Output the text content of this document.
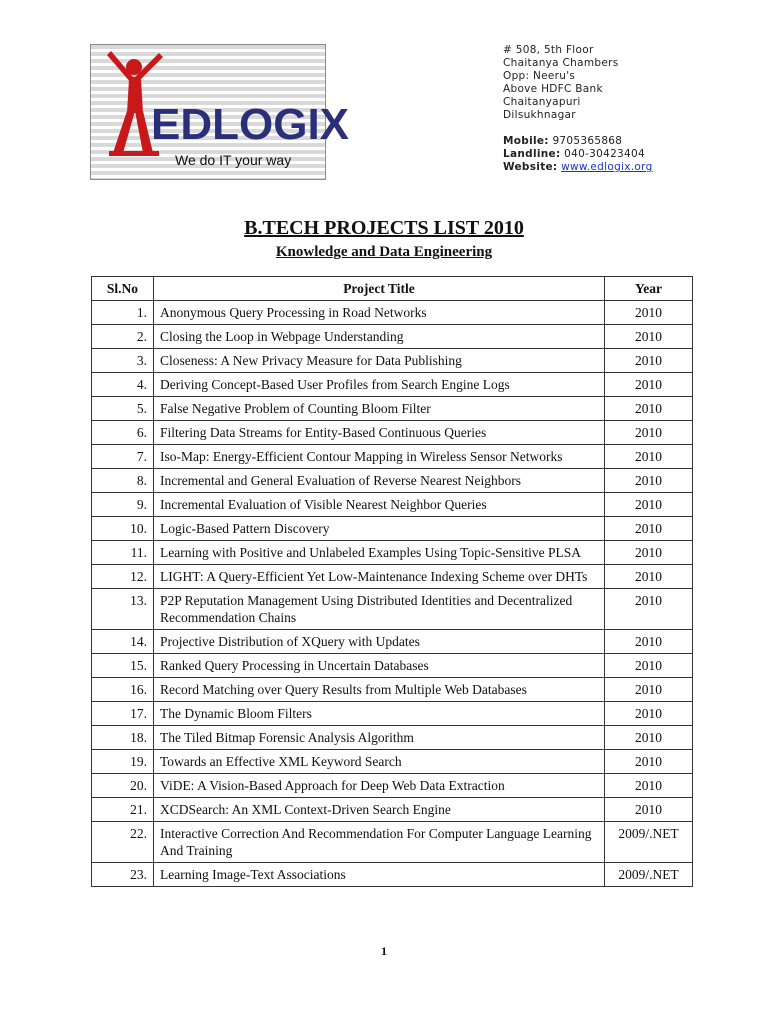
EDLOGIX
We do IT your way
# 508, 5th Floor
Chaitanya Chambers
Opp: Neeru's
Above HDFC Bank
Chaitanyapuri
Dilsukhnagar
Mobile: 9705365868
Landline: 040-30423404
Website: www.edlogix.org
B.TECH PROJECTS LIST 2010
Knowledge and Data Engineering
Sl.No	Project Title	Year
1.	Anonymous Query Processing in Road Networks	2010
2.	Closing the Loop in Webpage Understanding	2010
3.	Closeness: A New Privacy Measure for Data Publishing	2010
4.	Deriving Concept-Based User Profiles from Search Engine Logs	2010
5.	False Negative Problem of Counting Bloom Filter	2010
6.	Filtering Data Streams for Entity-Based Continuous Queries	2010
7.	Iso-Map: Energy-Efficient Contour Mapping in Wireless Sensor Networks	2010
8.	Incremental and General Evaluation of Reverse Nearest Neighbors	2010
9.	Incremental Evaluation of Visible Nearest Neighbor Queries	2010
10.	Logic-Based Pattern Discovery	2010
11.	Learning with Positive and Unlabeled Examples Using Topic-Sensitive PLSA	2010
12.	LIGHT: A Query-Efficient Yet Low-Maintenance Indexing Scheme over DHTs	2010
13.	P2P Reputation Management Using Distributed Identities and Decentralized Recommendation Chains	2010
14.	Projective Distribution of XQuery with Updates	2010
15.	Ranked Query Processing in Uncertain Databases	2010
16.	Record Matching over Query Results from Multiple Web Databases	2010
17.	The Dynamic Bloom Filters	2010
18.	The Tiled Bitmap Forensic Analysis Algorithm	2010
19.	Towards an Effective XML Keyword Search	2010
20.	ViDE: A Vision-Based Approach for Deep Web Data Extraction	2010
21.	XCDSearch: An XML Context-Driven Search Engine	2010
22.	Interactive Correction And Recommendation For Computer Language Learning And Training	2009/.NET
23.	Learning Image-Text Associations	2009/.NET
1
